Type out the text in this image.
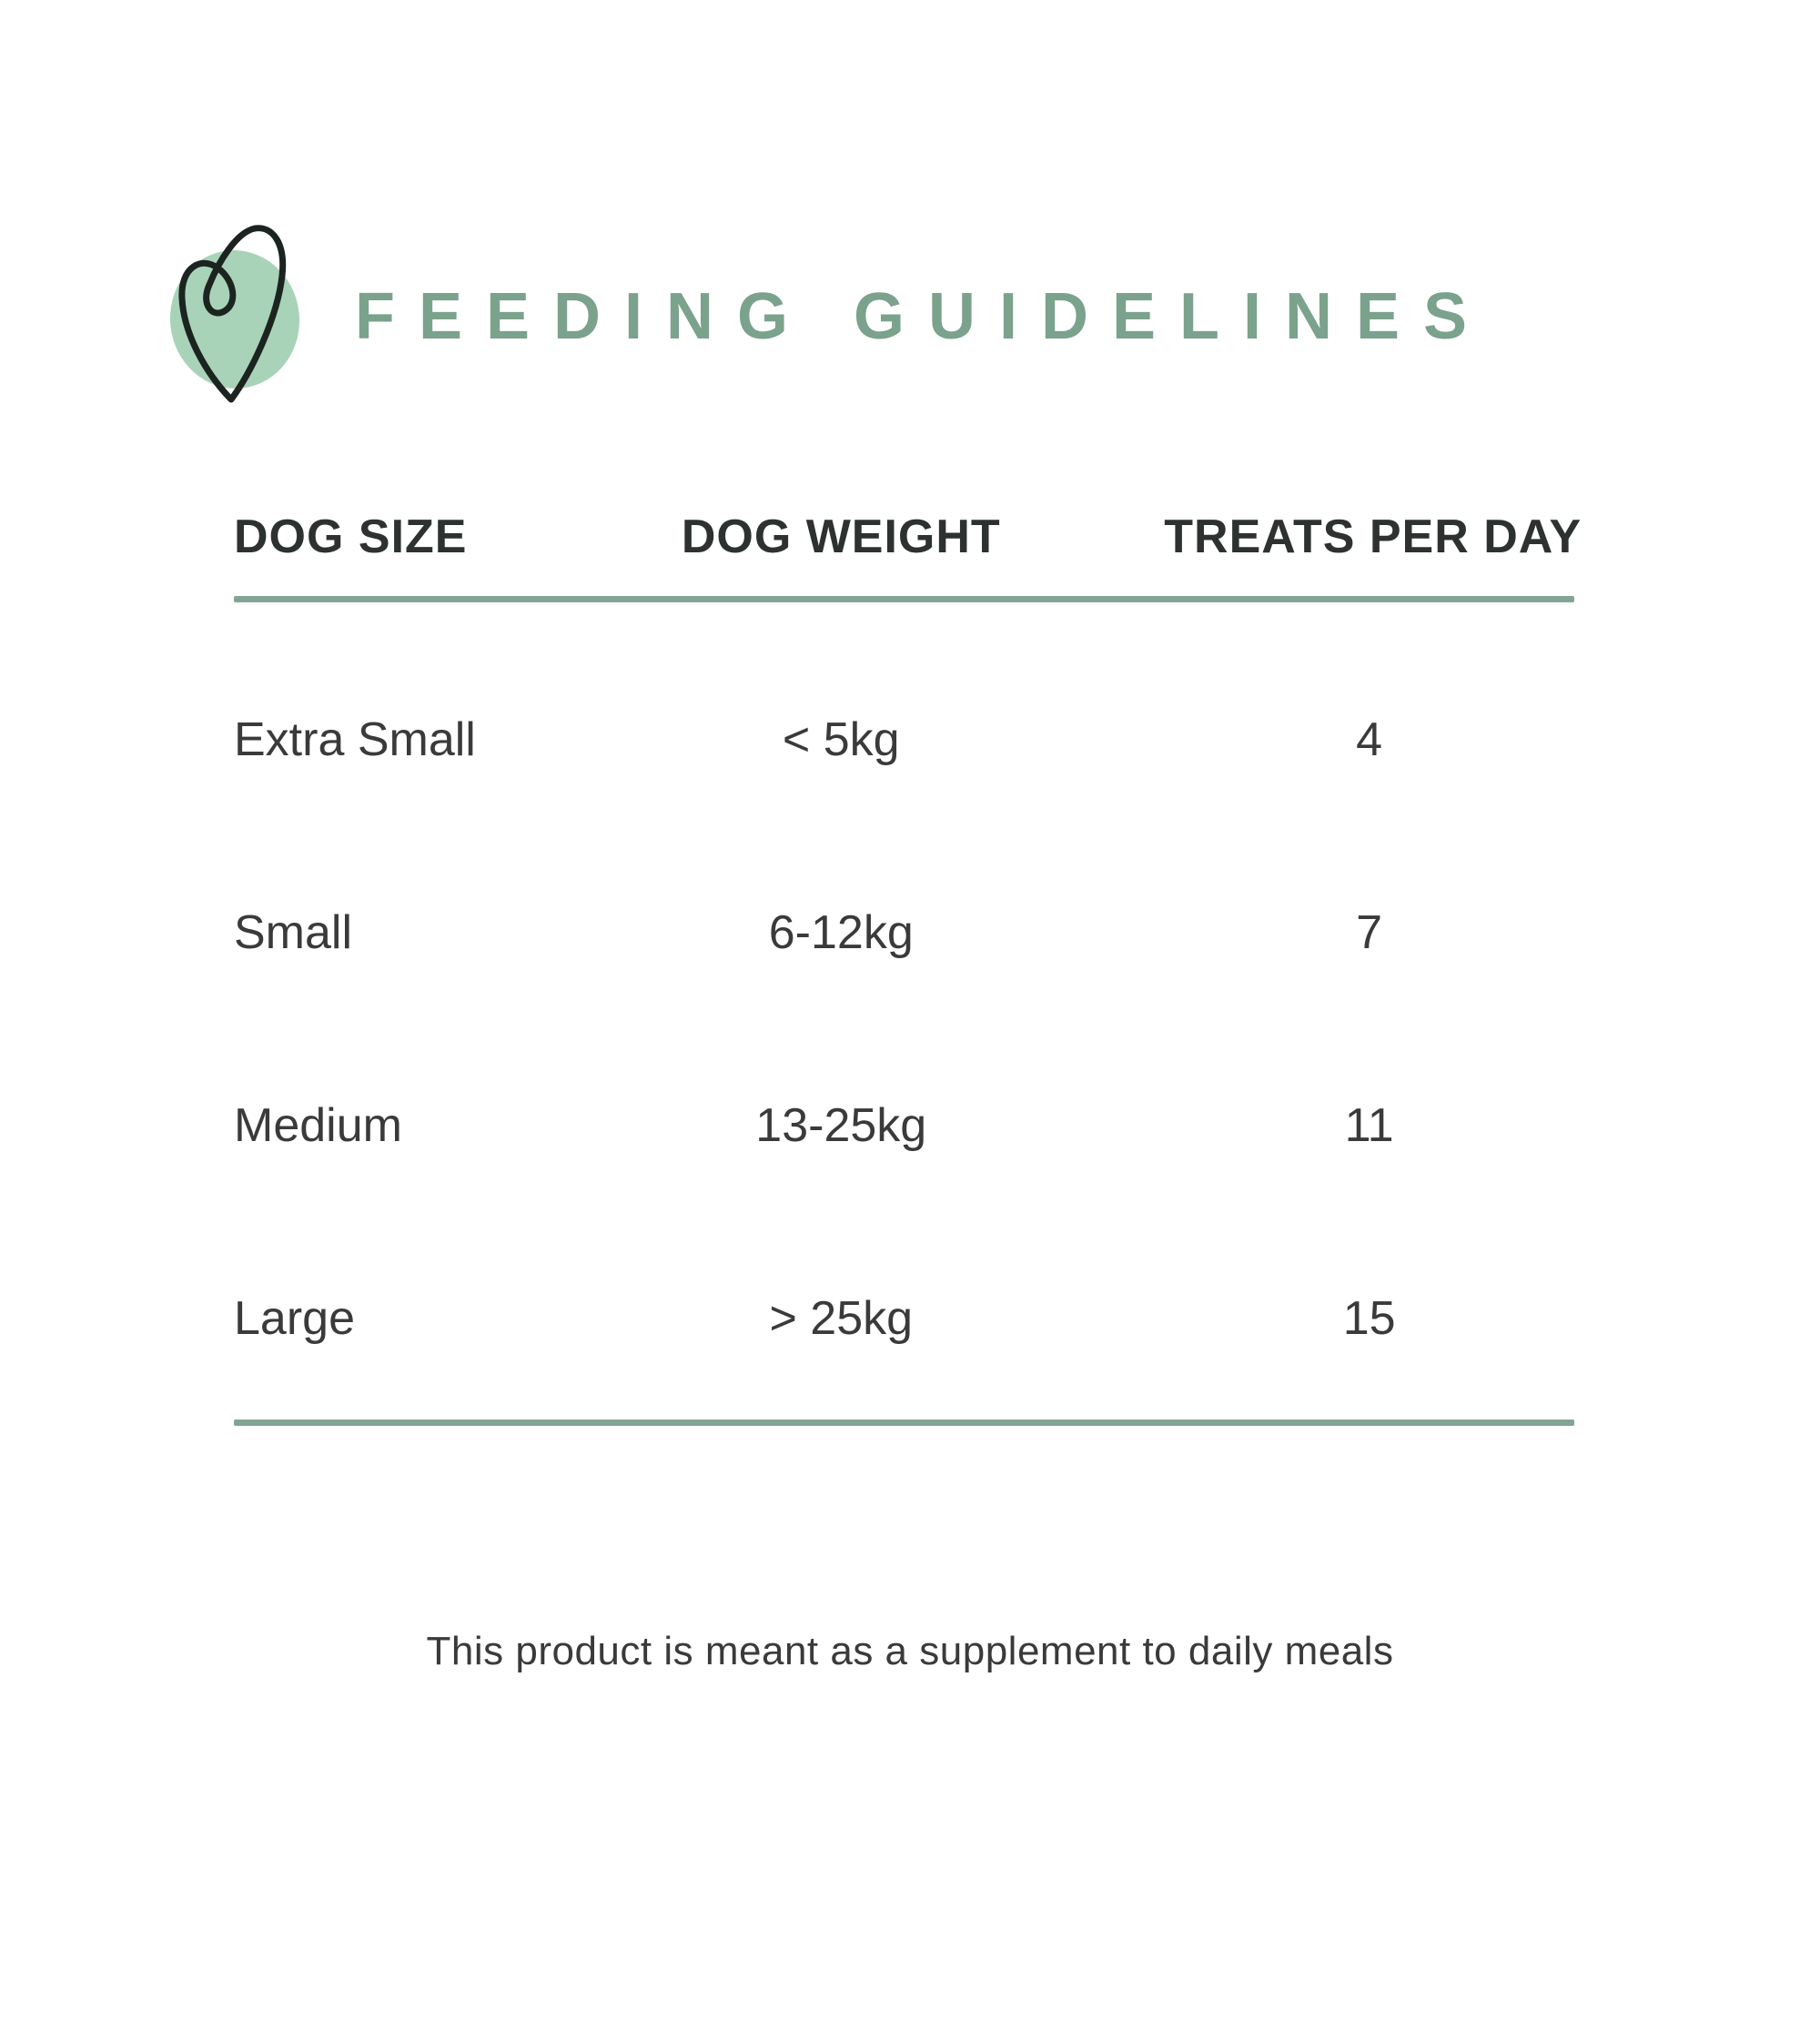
FEEDING GUIDELINES
DOG SIZE	DOG WEIGHT	TREATS PER DAY
Extra Small	< 5kg	4
Small	6-12kg	7
Medium	13-25kg	11
Large	> 25kg	15

This product is meant as a supplement to daily meals
